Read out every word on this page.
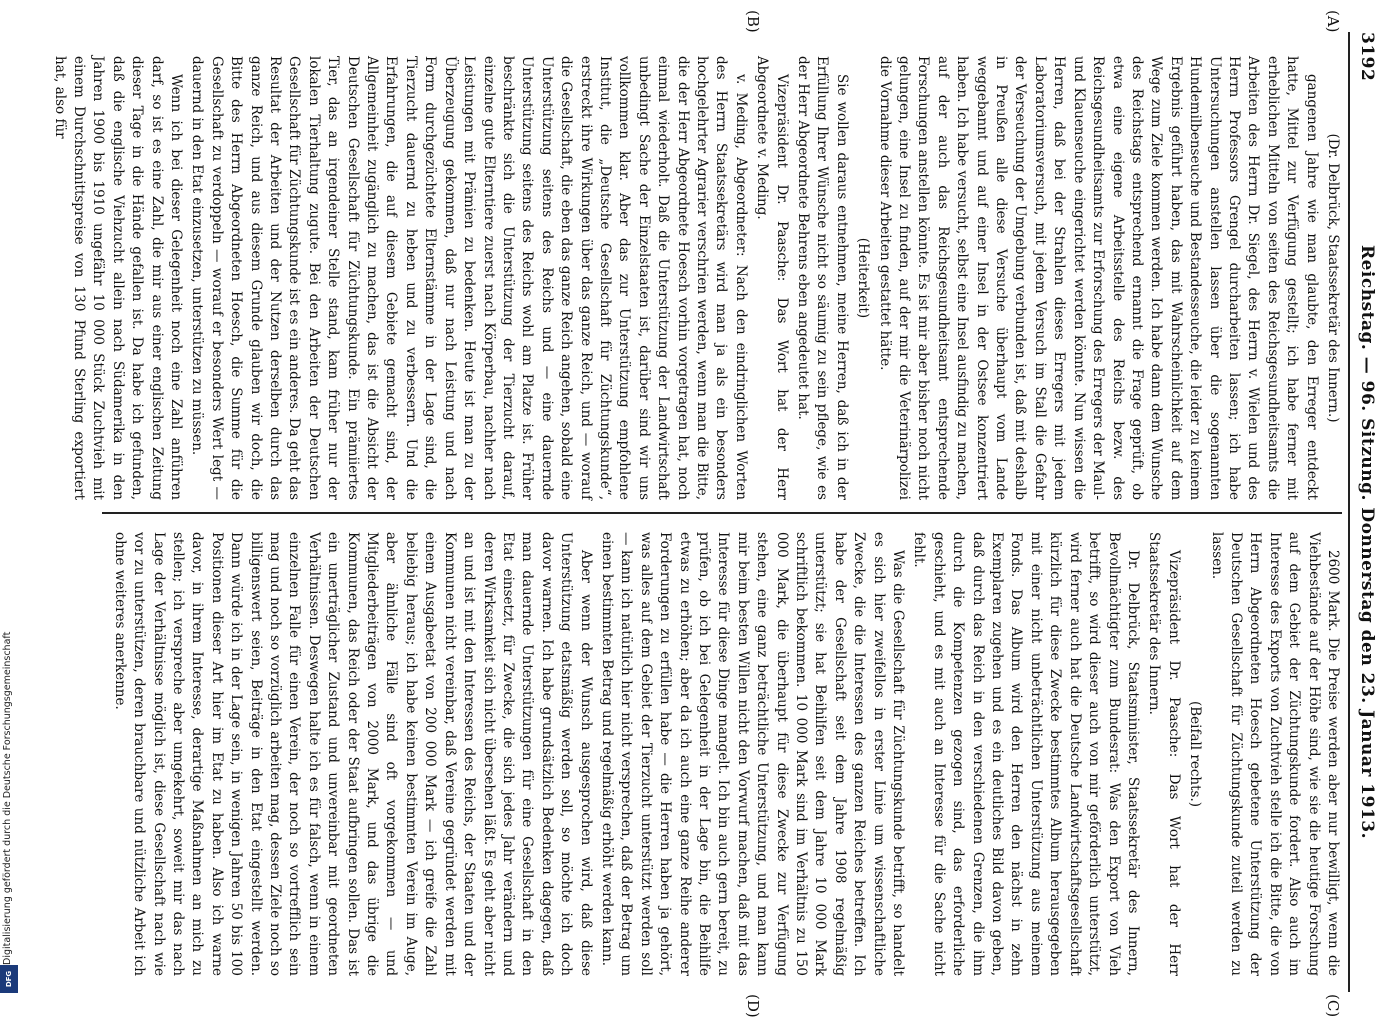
Digitalisierung gefördert durch die Deutsche Forschungsgemeinschaft
DFG
3192
Reichstag. — 96. Sitzung. Donnerstag den 23. Januar 1913.
(A)
(B)
(C)
(D)

(Dr. Delbrück, Staatssekretär des Innern.)

gangenen Jahre wie man glaubte, den Erreger entdeckt hatte, Mittel zur Verfügung gestellt; ich habe ferner mit erheblichen Mitteln von seiten des Reichsgesundheitsamts die Arbeiten des Herrn Dr. Siegel, des Herrn v. Wielen und des Herrn Professors Grengel durcharbeiten lassen; ich habe Untersuchungen anstellen lassen über die sogenannten Hundemilbenseuche und Bestandesseuche, die leider zu keinem Ergebnis geführt haben, das mit Wahrscheinlichkeit auf dem Wege zum Ziele kommen werden. Ich habe dann dem Wunsche des Reichstags entsprechend ernannt die Frage geprüft, ob etwa eine eigene Arbeitsstelle des Reichs bezw. des Reichsgesundheitsamts zur Erforschung des Erregers der Maul- und Klauenseuche eingerichtet werden könnte. Nun wissen die Herren, daß bei der Strahlen dieses Erregers mit jedem Laboratoriumsversuch, mit jedem Versuch im Stall die Gefahr der Verseuchung der Umgebung verbunden ist, daß mit deshalb in Preußen alle diese Versuche überhaupt vom Lande weggebannt und auf einer Insel in der Ostsee konzentriert haben. Ich habe versucht, selbst eine Insel ausfindig zu machen, auf der auch das Reichsgesundheitsamt entsprechende Forschungen anstellen könnte. Es ist mir aber bisher noch nicht gelungen, eine Insel zu finden, auf der mir die Veterinärpolizei die Vornahme dieser Arbeiten gestattet hätte.

(Heiterkeit)

Sie wollen daraus entnehmen, meine Herren, daß ich in der Erfüllung Ihrer Wünsche nicht so säumig zu sein pflege, wie es der Herr Abgeordnete Behrens eben angedeutet hat.

Vizepräsident Dr. Paasche: Das Wort hat der Herr Abgeordnete v. Meding.

v. Meding, Abgeordneter: Nach den eindringlichen Worten des Herrn Staatssekretärs wird man ja als ein besonders hochgelehrter Agrarier verschrien werden, wenn man die Bitte, die der Herr Abgeordnete Hoesch vorhin vorgetragen hat, noch einmal wiederholt. Daß die Unterstützung der Landwirtschaft unbedingt Sache der Einzelstaaten ist, darüber sind wir uns vollkommen klar. Aber das zur Unterstützung empfohlene Institut, die „Deutsche Gesellschaft für Züchtungskunde“, erstreckt ihre Wirkungen über das ganze Reich, und — worauf die Gesellschaft, die eben das ganze Reich angehen, sobald eine Unterstützung seitens des Reichs und — eine dauernde Unterstützung seitens des Reichs wohl am Platze ist. Früher beschränkte sich die Unterstützung der Tierzucht darauf, einzelne gute Elterntiere zuerst nach Körperbau, nachher nach Leistungen mit Prämien zu bedenken. Heute ist man zu der Überzeugung gekommen, daß nur nach Leistung und nach Form durchgezüchtete Elternstämme in der Lage sind, die Tierzucht dauernd zu heben und zu verbessern. Und die Erfahrungen, die auf diesem Gebiete gemacht sind, der Allgemeinheit zugänglich zu machen, das ist die Absicht der Deutschen Gesellschaft für Züchtungskunde. Ein prämiiertes Tier, das an irgendeiner Stelle stand, kam früher nur der lokalen Tierhaltung zugute. Bei den Arbeiten der Deutschen Gesellschaft für Züchtungskunde ist es ein anderes. Da geht das Resultat der Arbeiten und der Nutzen derselben durch das ganze Reich, und aus diesem Grunde glauben wir doch, die Bitte des Herrn Abgeordneten Hoesch, die Summe für die Gesellschaft zu verdoppeln — worauf er besonders Wert legt — dauernd in den Etat einzusetzen, unterstützen zu müssen.

Wenn ich bei dieser Gelegenheit noch eine Zahl anführen darf, so ist es eine Zahl, die mir aus einer englischen Zeitung dieser Tage in die Hände gefallen ist. Da habe ich gefunden, daß die englische Viehzucht allein nach Südamerika in den Jahren 1900 bis 1910 ungefähr 10 000 Stück Zuchtvieh mit einem Durchschnittspreise von 130 Pfund Sterling exportiert hat, also für

2600 Mark. Die Preise werden aber nur bewilligt, wenn die Viehbestände auf der Höhe sind, wie sie die heutige Forschung auf dem Gebiet der Züchtungskunde fordert. Also auch im Interesse des Exports von Zuchtvieh stelle ich die Bitte, die von Herrn Abgeordneten Hoesch gebetene Unterstützung der Deutschen Gesellschaft für Züchtungskunde zuteil werden zu lassen.

(Beifall rechts.)

Vizepräsident Dr. Paasche: Das Wort hat der Herr Staatssekretär des Innern.

Dr. Delbrück, Staatsminister, Staatssekretär des Innern, Bevollmächtigter zum Bundesrat: Was den Export von Vieh betrifft, so wird dieser auch von mir geförderlich unterstützt, wird ferner auch hat die Deutsche Landwirtschaftsgesellschaft kürzlich für diese Zwecke bestimmtes Album herausgegeben mit einer nicht unbeträchtlichen Unterstützung aus meinem Fonds. Das Album wird den Herren den nächst in zehn Exemplaren zugehen und es ein deutliches Bild davon geben, daß durch das Reich in den verschiedenen Grenzen, die ihm durch die Kompetenzen gezogen sind, das erforderliche geschieht, und es mit auch an Interesse für die Sache nicht fehlt.

Was die Gesellschaft für Züchtungskunde betrifft, so handelt es sich hier zweifellos in erster Linie um wissenschaftliche Zwecke, die die Interessen des ganzen Reiches betreffen. Ich habe der Gesellschaft seit dem Jahre 1908 regelmäßig unterstützt; sie hat Beihilfen seit dem Jahre 10 000 Mark schriftlich bekommen. 10 000 Mark sind im Verhältnis zu 150 000 Mark, die überhaupt für diese Zwecke zur Verfügung stehen, eine ganz beträchtliche Unterstützung, und man kann mir beim besten Willen nicht den Vorwurf machen, daß mit das Interesse für diese Dinge mangelt. Ich bin auch gern bereit, zu prüfen, ob ich bei Gelegenheit in der Lage bin, die Beihilfe etwas zu erhöhen; aber da ich auch eine ganze Reihe anderer Forderungen zu erfüllen habe — die Herren haben ja gehört, was alles auf dem Gebiet der Tierzucht unterstützt werden soll — kann ich natürlich hier nicht versprechen, daß der Betrag um einen bestimmten Betrag und regelmäßig erhöht werden kann.

Aber wenn der Wunsch ausgesprochen wird, daß diese Unterstützung etatsmäßig werden soll, so möchte ich doch davor warnen. Ich habe grundsätzlich Bedenken dagegen, daß man dauernde Unterstützungen für eine Gesellschaft in den Etat einsetzt, für Zwecke, die sich jedes Jahr verändern und deren Wirksamkeit sich nicht übersehen läßt. Es geht aber nicht an und ist mit den Interessen des Reichs, der Staaten und der Kommunen nicht vereinbar, daß Vereine gegründet werden mit einem Ausgabeetat von 200 000 Mark — ich greife die Zahl beliebig heraus; ich habe keinen bestimmten Verein im Auge, aber ähnliche Fälle sind oft vorgekommen — und Mitgliederbeiträgen von 2000 Mark, und das übrige die Kommunen, das Reich oder der Staat aufbringen sollen. Das ist ein unerträglicher Zustand und unvereinbar mit geordneten Verhältnissen. Deswegen halte ich es für falsch, wenn in einem einzelnen Falle für einen Verein, der noch so vortrefflich sein mag und noch so vorzüglich arbeiten mag, dessen Ziele noch so billigenswert seien, Beiträge in den Etat eingestellt werden. Dann würde ich in der Lage sein, in wenigen Jahren 50 bis 100 Positionen dieser Art hier im Etat zu haben. Also ich warne davor, in ihrem Interesse, derartige Maßnahmen an mich zu stellen; ich verspreche aber umgekehrt, soweit mir das nach Lage der Verhältnisse möglich ist, diese Gesellschaft nach wie vor zu unterstützen, deren brauchbare und nützliche Arbeit ich ohne weiteres anerkenne.
